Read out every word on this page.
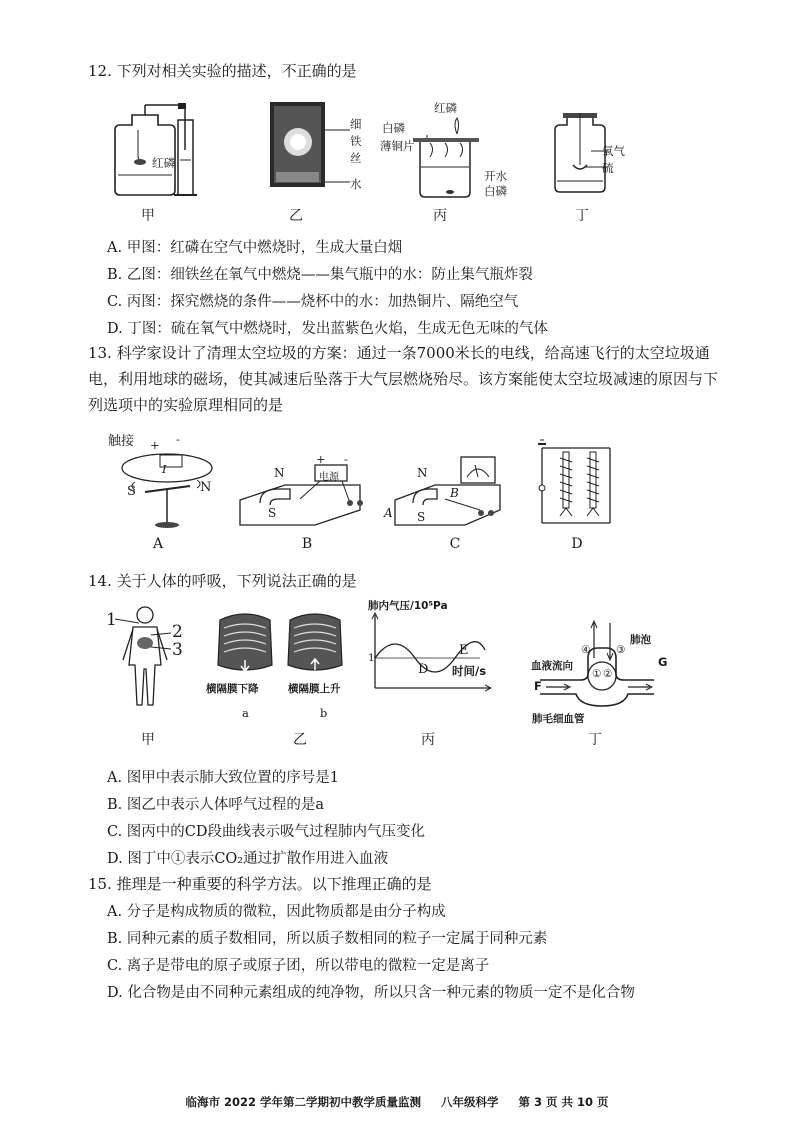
12. 下列对相关实验的描述，不正确的是
红磷
细
铁
丝
水
红磷
白磷
薄铜片
开水
白磷
氧气
硫
甲	乙	丙	丁
A. 甲图：红磷在空气中燃烧时，生成大量白烟
B. 乙图：细铁丝在氧气中燃烧——集气瓶中的水：防止集气瓶炸裂
C. 丙图：探究燃烧的条件——烧杯中的水：加热铜片、隔绝空气
D. 丁图：硫在氧气中燃烧时，发出蓝紫色火焰，生成无色无味的气体
13. 科学家设计了清理太空垃圾的方案：通过一条7000米长的电线，给高速飞行的太空垃圾通电，利用地球的磁场，使其减速后坠落于大气层燃烧殆尽。该方案能使太空垃圾减速的原因与下列选项中的实验原理相同的是
触接 + -
I
S	N
N
S
电源
+ -
N
S
A
B
A	B	C	D
14. 关于人体的呼吸，下列说法正确的是
1
2
3
横隔膜下降	横隔膜上升
a	b
肺内气压/10⁵Pa
时间/s
D
E
1
血液流向
肺泡
肺毛细血管
F
G
① ②
③
④
甲	乙	丙	丁
A. 图甲中表示肺大致位置的序号是1
B. 图乙中表示人体呼气过程的是a
C. 图丙中的CD段曲线表示吸气过程肺内气压变化
D. 图丁中①表示CO₂通过扩散作用进入血液
15. 推理是一种重要的科学方法。以下推理正确的是
A. 分子是构成物质的微粒，因此物质都是由分子构成
B. 同种元素的质子数相同，所以质子数相同的粒子一定属于同种元素
C. 离子是带电的原子或原子团，所以带电的微粒一定是离子
D. 化合物是由不同种元素组成的纯净物，所以只含一种元素的物质一定不是化合物
临海市 2022 学年第二学期初中教学质量监测 八年级科学 第 3 页 共 10 页
